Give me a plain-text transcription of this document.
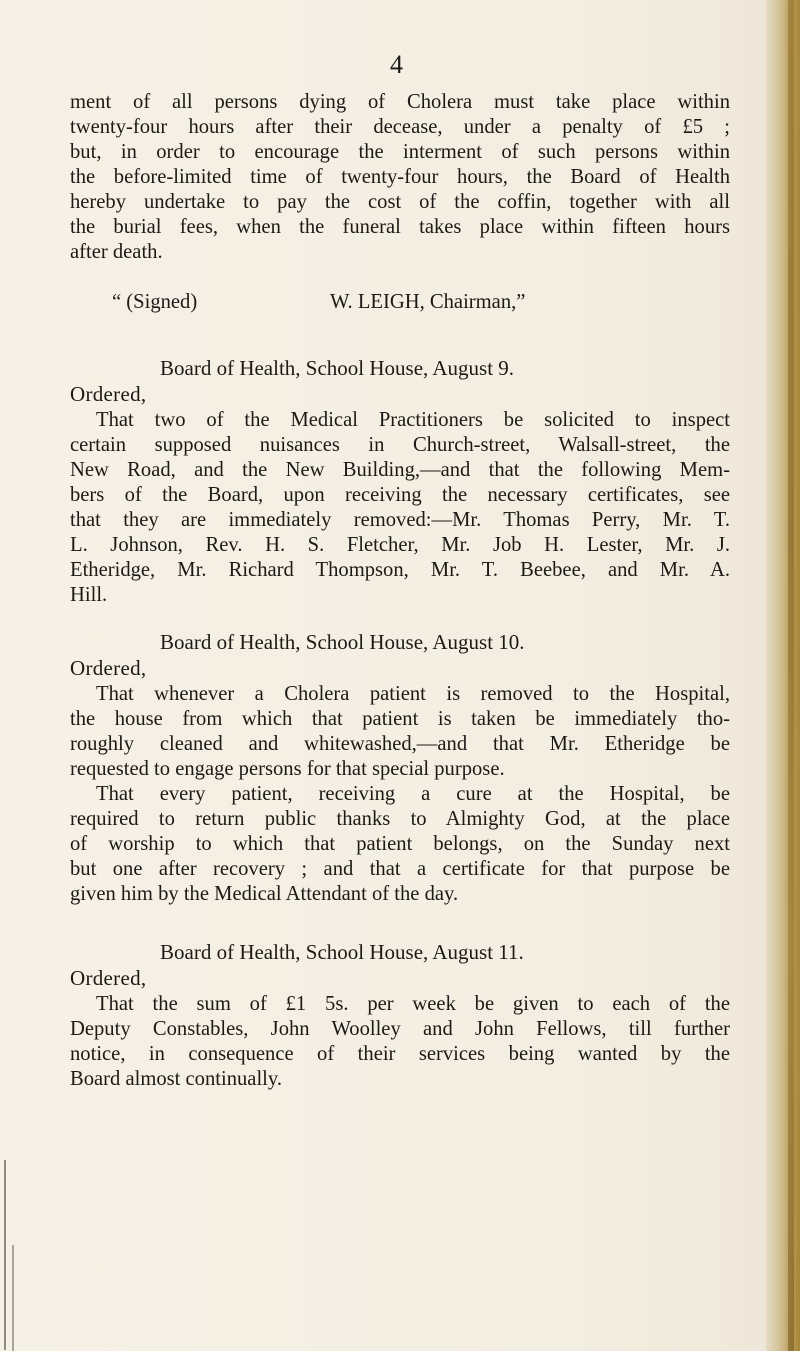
4
ment of all persons dying of Cholera must take place within
twenty-four hours after their decease, under a penalty of £5 ;
but, in order to encourage the interment of such persons within
the before-limited time of twenty-four hours, the Board of Health
hereby undertake to pay the cost of the coffin, together with all
the burial fees, when the funeral takes place within fifteen hours
after death.
“ (Signed)	W. LEIGH, Chairman,”
Board of Health, School House, August 9.
Ordered,
That two of the Medical Practitioners be solicited to inspect
certain supposed nuisances in Church-street, Walsall-street, the
New Road, and the New Building,—and that the following Mem-
bers of the Board, upon receiving the necessary certificates, see
that they are immediately removed:—Mr. Thomas Perry, Mr. T.
L. Johnson, Rev. H. S. Fletcher, Mr. Job H. Lester, Mr. J.
Etheridge, Mr. Richard Thompson, Mr. T. Beebee, and Mr. A.
Hill.
Board of Health, School House, August 10.
Ordered,
That whenever a Cholera patient is removed to the Hospital,
the house from which that patient is taken be immediately tho-
roughly cleaned and whitewashed,—and that Mr. Etheridge be
requested to engage persons for that special purpose.
That every patient, receiving a cure at the Hospital, be
required to return public thanks to Almighty God, at the place
of worship to which that patient belongs, on the Sunday next
but one after recovery ; and that a certificate for that purpose be
given him by the Medical Attendant of the day.
Board of Health, School House, August 11.
Ordered,
That the sum of £1 5s. per week be given to each of the
Deputy Constables, John Woolley and John Fellows, till further
notice, in consequence of their services being wanted by the
Board almost continually.
